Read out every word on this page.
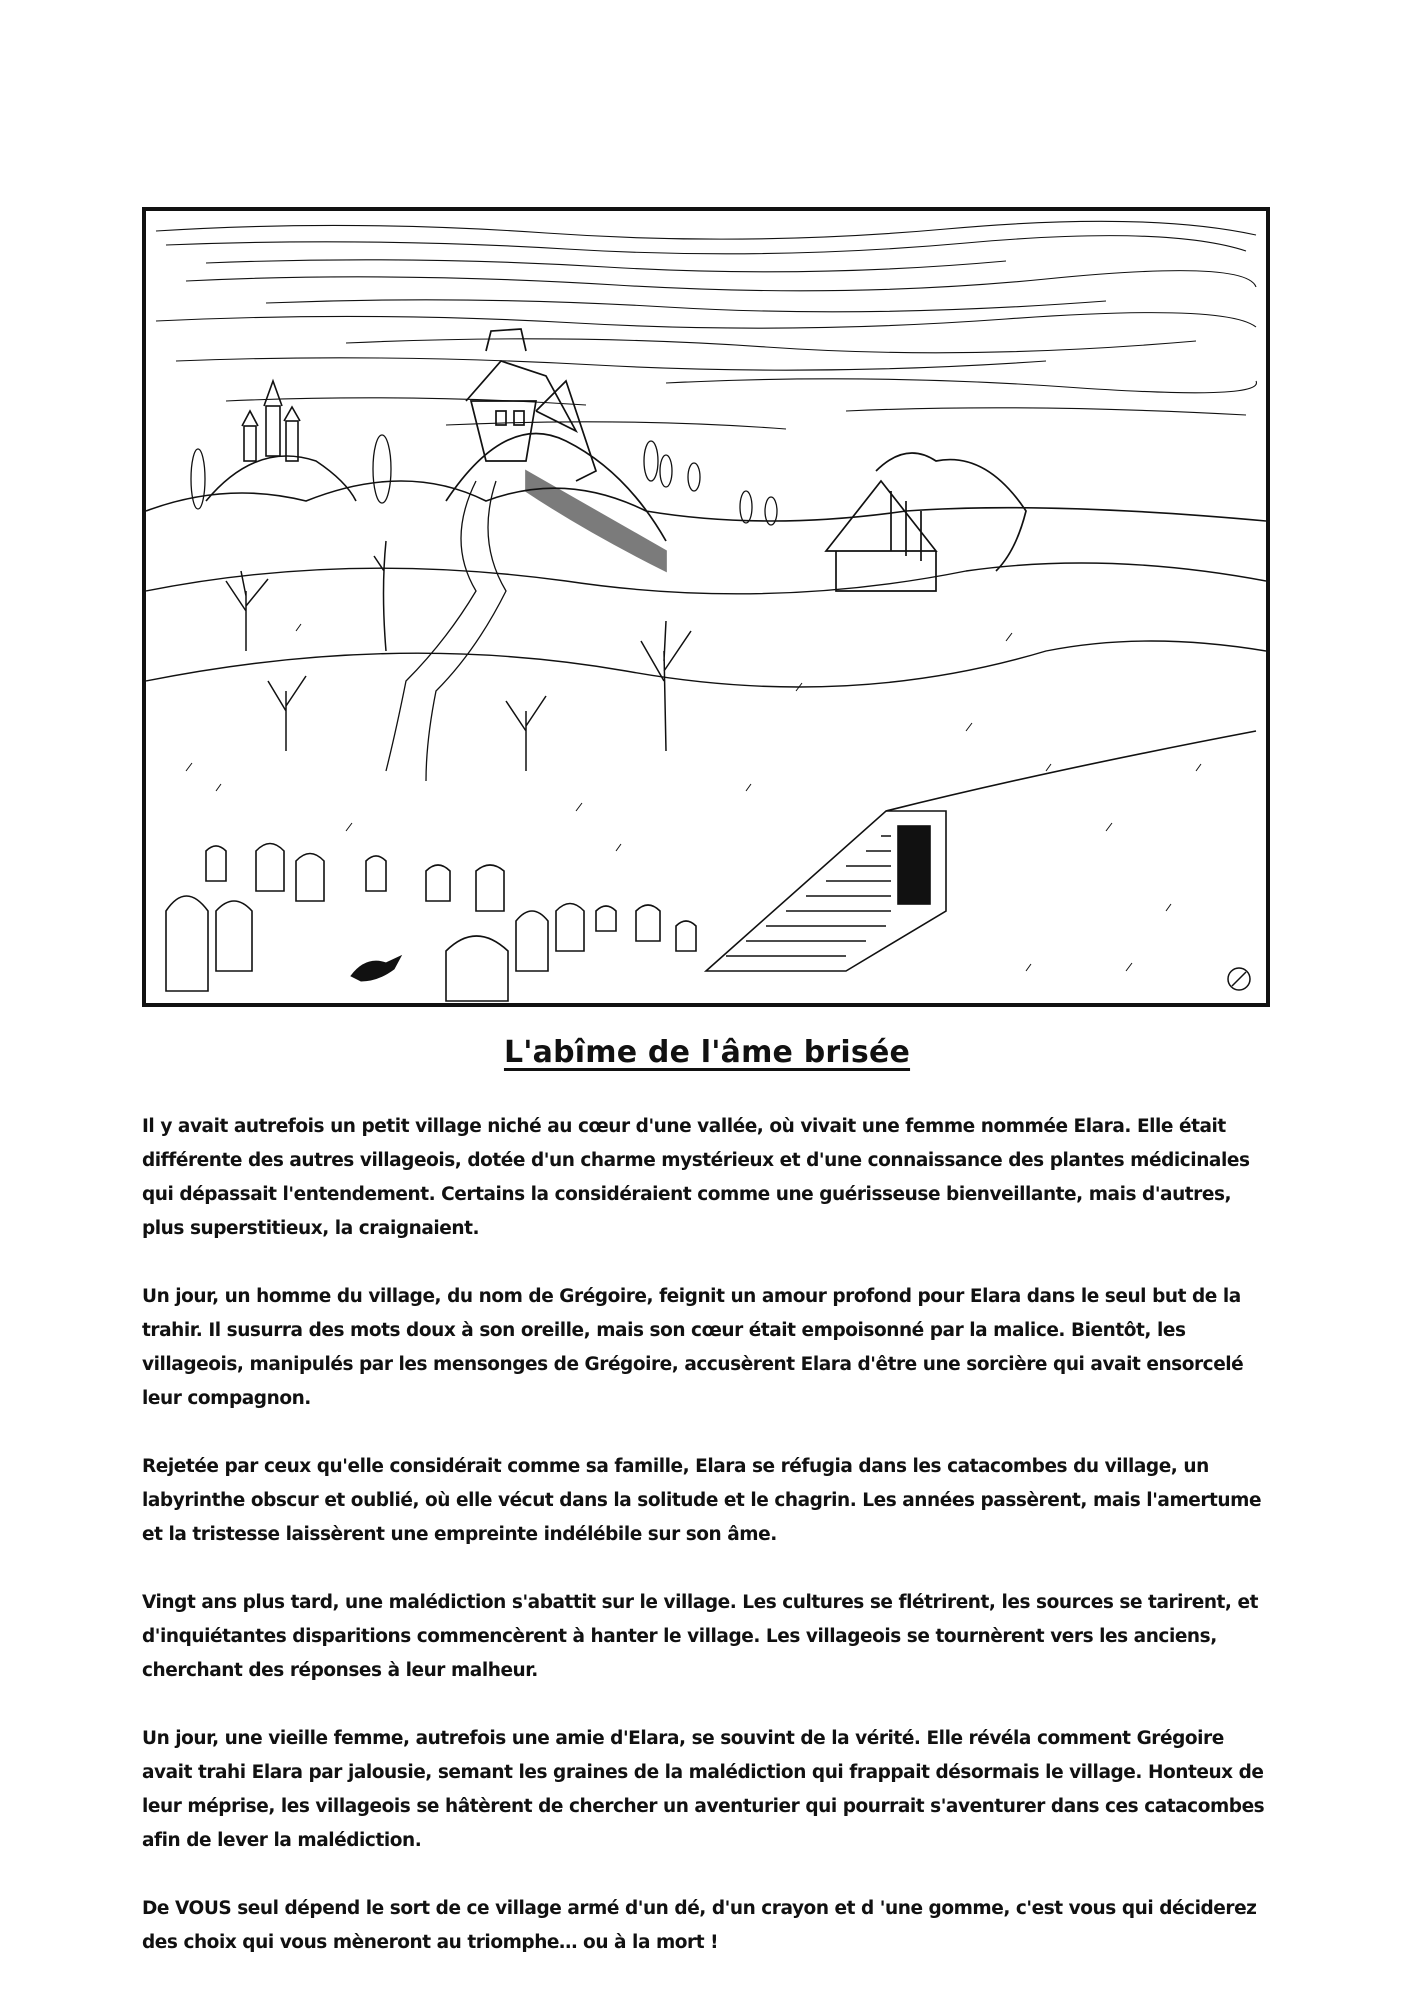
L'abîme de l'âme brisée

Il y avait autrefois un petit village niché au cœur d'une vallée, où vivait une femme nommée Elara. Elle était différente des autres villageois, dotée d'un charme mystérieux et d'une connaissance des plantes médicinales qui dépassait l'entendement. Certains la considéraient comme une guérisseuse bienveillante, mais d'autres, plus superstitieux, la craignaient.

Un jour, un homme du village, du nom de Grégoire, feignit un amour profond pour Elara dans le seul but de la trahir. Il susurra des mots doux à son oreille, mais son cœur était empoisonné par la malice. Bientôt, les villageois, manipulés par les mensonges de Grégoire, accusèrent Elara d'être une sorcière qui avait ensorcelé leur compagnon.

Rejetée par ceux qu'elle considérait comme sa famille, Elara se réfugia dans les catacombes du village, un labyrinthe obscur et oublié, où elle vécut dans la solitude et le chagrin. Les années passèrent, mais l'amertume et la tristesse laissèrent une empreinte indélébile sur son âme.

Vingt ans plus tard, une malédiction s'abattit sur le village. Les cultures se flétrirent, les sources se tarirent, et d'inquiétantes disparitions commencèrent à hanter le village. Les villageois se tournèrent vers les anciens, cherchant des réponses à leur malheur.

Un jour, une vieille femme, autrefois une amie d'Elara, se souvint de la vérité. Elle révéla comment Grégoire avait trahi Elara par jalousie, semant les graines de la malédiction qui frappait désormais le village. Honteux de leur méprise, les villageois se hâtèrent de chercher un aventurier qui pourrait s'aventurer dans ces catacombes afin de lever la malédiction.

De VOUS seul dépend le sort de ce village armé d'un dé, d'un crayon et d 'une gomme, c'est vous qui déciderez des choix qui vous mèneront au triomphe… ou à la mort !
